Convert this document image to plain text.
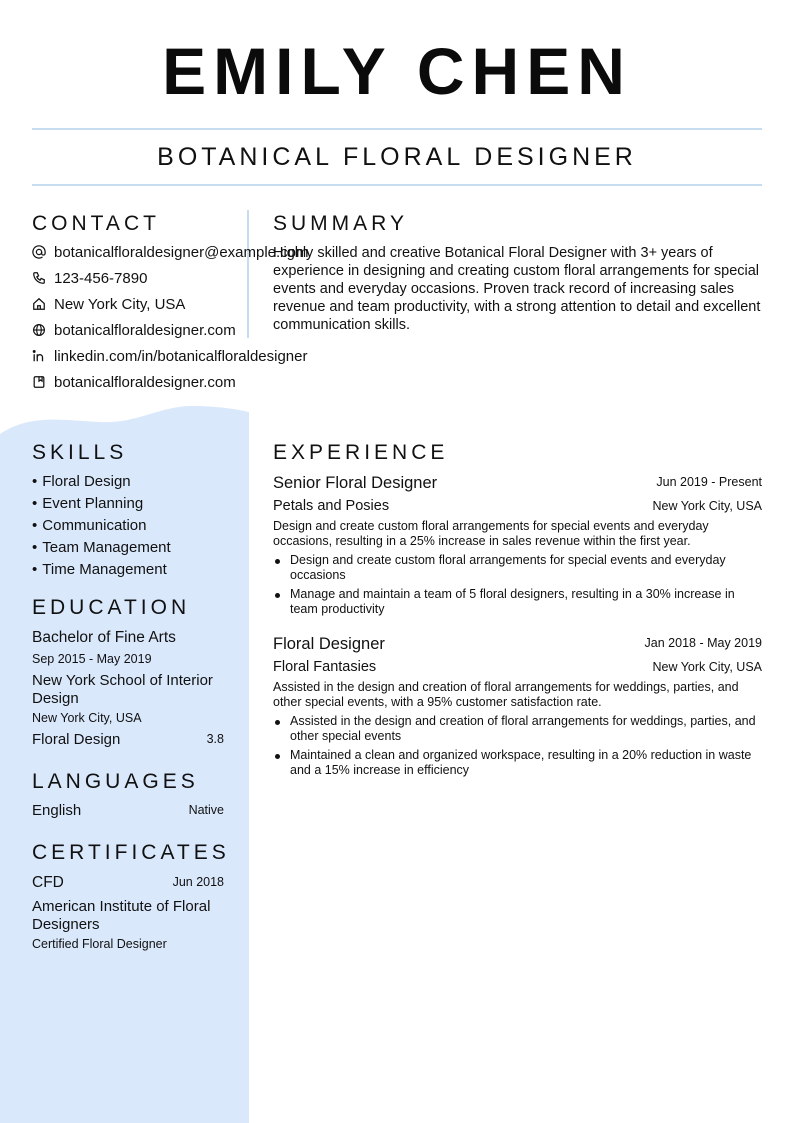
EMILY CHEN
BOTANICAL FLORAL DESIGNER
CONTACT
botanicalfloraldesigner@example.com
123-456-7890
New York City, USA
botanicalfloraldesigner.com
linkedin.com/in/botanicalfloraldesigner
botanicalfloraldesigner.com
SUMMARY
Highly skilled and creative Botanical Floral Designer with 3+ years of experience in designing and creating custom floral arrangements for special events and everyday occasions. Proven track record of increasing sales revenue and team productivity, with a strong attention to detail and excellent communication skills.
SKILLS
• Floral Design
• Event Planning
• Communication
• Team Management
• Time Management
EDUCATION
Bachelor of Fine Arts
Sep 2015 - May 2019
New York School of Interior Design
New York City, USA
Floral Design	3.8
LANGUAGES
English	Native
CERTIFICATES
CFD	Jun 2018
American Institute of Floral Designers
Certified Floral Designer
EXPERIENCE
Senior Floral Designer	Jun 2019 - Present
Petals and Posies	New York City, USA
Design and create custom floral arrangements for special events and everyday occasions, resulting in a 25% increase in sales revenue within the first year.
Design and create custom floral arrangements for special events and everyday occasions
Manage and maintain a team of 5 floral designers, resulting in a 30% increase in team productivity
Floral Designer	Jan 2018 - May 2019
Floral Fantasies	New York City, USA
Assisted in the design and creation of floral arrangements for weddings, parties, and other special events, with a 95% customer satisfaction rate.
Assisted in the design and creation of floral arrangements for weddings, parties, and other special events
Maintained a clean and organized workspace, resulting in a 20% reduction in waste and a 15% increase in efficiency
